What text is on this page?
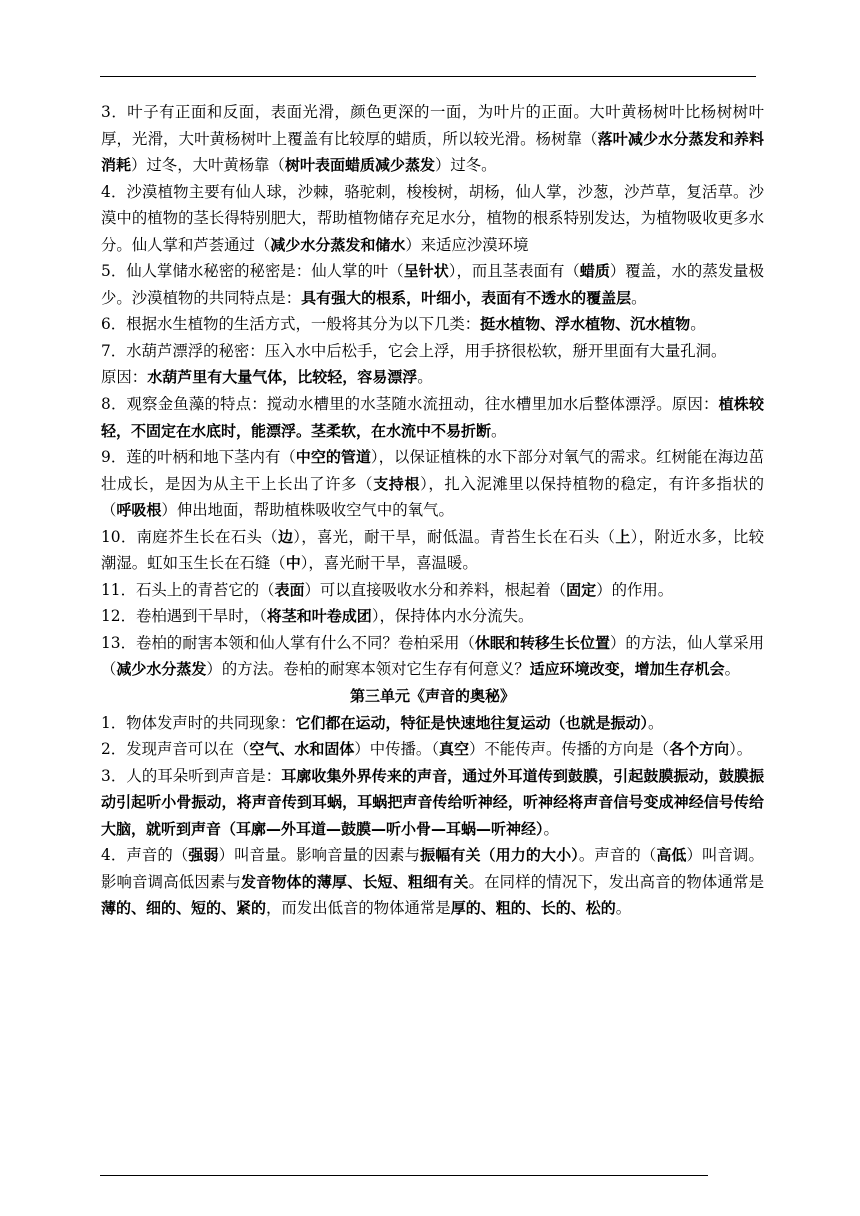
3．叶子有正面和反面，表面光滑，颜色更深的一面，为叶片的正面。大叶黄杨树叶比杨树树叶厚，光滑，大叶黄杨树叶上覆盖有比较厚的蜡质，所以较光滑。杨树靠（落叶减少水分蒸发和养料消耗）过冬，大叶黄杨靠（树叶表面蜡质减少蒸发）过冬。

4．沙漠植物主要有仙人球，沙棘，骆驼刺，梭梭树，胡杨，仙人掌，沙葱，沙芦草，复活草。沙漠中的植物的茎长得特别肥大，帮助植物储存充足水分，植物的根系特别发达，为植物吸收更多水分。仙人掌和芦荟通过（减少水分蒸发和储水）来适应沙漠环境

5．仙人掌储水秘密的秘密是：仙人掌的叶（呈针状），而且茎表面有（蜡质）覆盖，水的蒸发量极少。沙漠植物的共同特点是：具有强大的根系，叶细小，表面有不透水的覆盖层。

6．根据水生植物的生活方式，一般将其分为以下几类：挺水植物、浮水植物、沉水植物。

7．水葫芦漂浮的秘密：压入水中后松手，它会上浮，用手挤很松软，掰开里面有大量孔洞。

原因：水葫芦里有大量气体，比较轻，容易漂浮。

8．观察金鱼藻的特点：搅动水槽里的水茎随水流扭动，往水槽里加水后整体漂浮。原因：植株较轻，不固定在水底时，能漂浮。茎柔软，在水流中不易折断。

9．莲的叶柄和地下茎内有（中空的管道），以保证植株的水下部分对氧气的需求。红树能在海边茁壮成长，是因为从主干上长出了许多（支持根），扎入泥滩里以保持植物的稳定，有许多指状的（呼吸根）伸出地面，帮助植株吸收空气中的氧气。

10．南庭芥生长在石头（边），喜光，耐干旱，耐低温。青苔生长在石头（上），附近水多，比较潮湿。虹如玉生长在石缝（中），喜光耐干旱，喜温暖。

11．石头上的青苔它的（表面）可以直接吸收水分和养料，根起着（固定）的作用。

12．卷柏遇到干旱时，（将茎和叶卷成团），保持体内水分流失。

13．卷柏的耐害本领和仙人掌有什么不同？卷柏采用（休眠和转移生长位置）的方法，仙人掌采用（减少水分蒸发）的方法。卷柏的耐寒本领对它生存有何意义？适应环境改变，增加生存机会。

第三单元《声音的奥秘》

1．物体发声时的共同现象：它们都在运动，特征是快速地往复运动（也就是振动）。

2．发现声音可以在（空气、水和固体）中传播。（真空）不能传声。传播的方向是（各个方向）。

3．人的耳朵听到声音是：耳廓收集外界传来的声音，通过外耳道传到鼓膜，引起鼓膜振动，鼓膜振动引起听小骨振动，将声音传到耳蜗，耳蜗把声音传给听神经，听神经将声音信号变成神经信号传给大脑，就听到声音（耳廓—外耳道—鼓膜—听小骨—耳蜗—听神经）。

4．声音的（强弱）叫音量。影响音量的因素与振幅有关（用力的大小）。声音的（高低）叫音调。影响音调高低因素与发音物体的薄厚、长短、粗细有关。在同样的情况下，发出高音的物体通常是薄的、细的、短的、紧的，而发出低音的物体通常是厚的、粗的、长的、松的。
